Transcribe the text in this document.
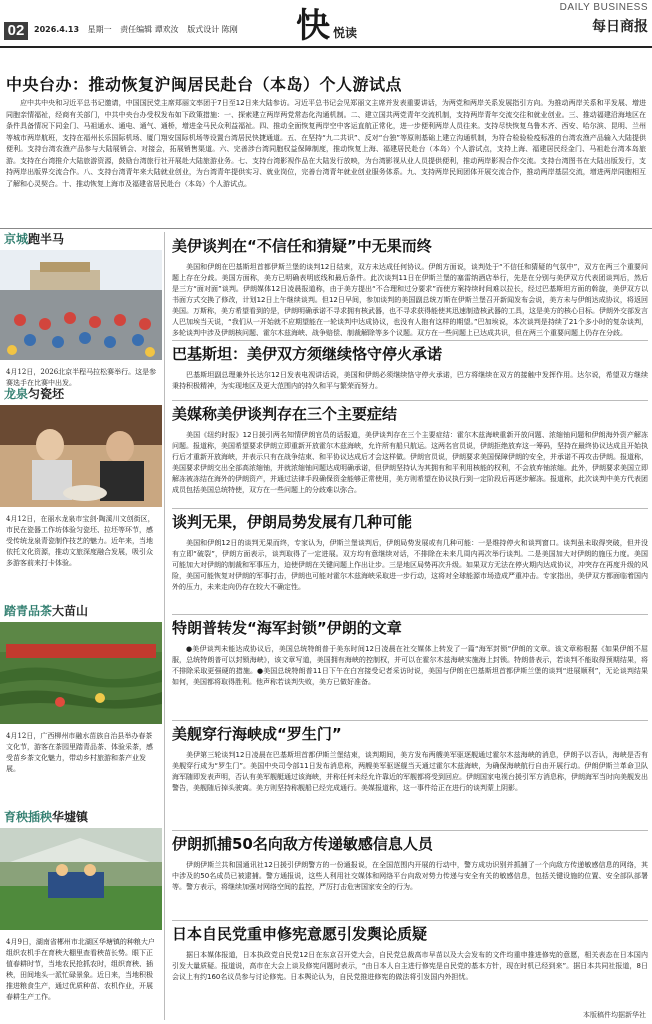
02	2026.4.13 星期一 责任编辑 谭欢汝 版式设计 陈刚 快 悦读
DAILY BUSINESS
每日商报
中央台办：推动恢复沪闽居民赴台（本岛）个人游试点
应中共中央和习近平总书记邀请，中国国民党主席郑丽文率团于7日至12日来大陆参访。习近平总书记会见郑丽文主席并发表重要讲话，为两党和两岸关系发展指引方向。为推动两岸关系和平发展、增进同胞亲情福祉，经商有关部门，中共中央台办受权发布如下政策措施：一、探索建立两岸两党常态化沟通机制。二、建立国共两党青年交流机制，支持两岸青年交流交往和就业创业。三、推动福建沿海地区在条件具备情况下同金门、马祖通水、通电、通气、通桥，增进金马民众利益福祉。四、推动全面恢复两岸空中客运直航正常化，进一步便利两岸人员往来。支持尽快恢复乌鲁木齐、西安、哈尔滨、昆明、兰州等城市两岸航班，支持在福州长乐国际机场、厦门翔安国际机场等设置台湾居民快捷通道。五、在坚持“九二共识”、反对“台独”等原则基础上建立沟通机制，为符合检验检疫标准的台湾农渔产品输入大陆提供便利。支持台湾农渔产品参与大陆展销会、对接会，拓展销售渠道。六、完善涉台湾同胞权益保障制度，推动恢复上海、福建居民赴台（本岛）个人游试点，支持上海、福建居民经金门、马祖赴台湾本岛旅游。支持在台湾推介大陆旅游资源，鼓励台湾旅行社开展赴大陆旅游业务。七、支持台湾影视作品在大陆发行放映，为台湾影视从业人员提供便利，推动两岸影视合作交流。支持台湾图书在大陆出版发行，支持两岸出版界交流合作。八、支持台湾青年来大陆就业创业，为台湾青年提供实习、就业岗位，完善台湾青年就业创业服务体系。九、支持两岸民间团体开展交流合作，推动两岸基层交流，增进两岸同胞相互了解和心灵契合。十、推动恢复上海市及福建省居民赴台（本岛）个人游试点。
京城跑半马
4月12日，2026北京半程马拉松赛举行。这是参赛选手在比赛中出发。
龙泉匀瓷坯
4月12日，在丽水龙泉市宝剑·陶溪川文创街区，市民在瓷器工作坊体验匀瓷坯、拉坯等环节，感受传统龙泉青瓷制作技艺的魅力。近年来，当地依托文化资源，推动文旅深度融合发展，吸引众多游客前来打卡体验。
踏青品茶大苗山
4月12日，广西柳州市融水苗族自治县举办春茶文化节，游客在茶园里踏青品茶、体验采茶，感受苗乡茶文化魅力，带动乡村旅游和茶产业发展。
育秧插秧华墟镇
4月9日，湖南省郴州市北湖区华塘镇的种粮大户组织农机手在育秧大棚里查看秧苗长势。眼下正值春耕时节，当地农民抢抓农时，组织育秧、插秧，田间地头一派忙碌景象。近日来，当地积极推进粮食生产，通过优质种苗、农机作业，开展春耕生产工作。
美伊谈判在“不信任和猜疑”中无果而终
美国和伊朗在巴基斯坦首都伊斯兰堡的谈判12日结束，双方未达成任何协议。伊朗方面说，谈判处于“不信任和猜疑的气氛中”，双方在两三个重要问题上存在分歧。美国方面称，美方已明确表明底线和最后条件。此次谈判11日在伊斯兰堡的塞雷纳酒店举行，先是在分别与美伊双方代表团谈判后，然后是三方“面对面”谈判。伊朗媒体12日凌晨报道称，由于美方提出“不合理和过分要求”而使方案持续时间难以拉长，经过巴基斯坦方面的斡旋，美伊双方以书面方式交换了修改，计划12日上午继续谈判。但12日早间，参加谈判的美国副总统万斯在伊斯兰堡召开新闻发布会说，美方未与伊朗达成协议，将返回美国。万斯称，美方希望看到的是，伊朗明确承诺不寻求拥有核武器，也不寻求获得能使其迅速制造核武器的工具，这是美方的核心目标。伊朗外交部发言人巴加埃当天说，“我们从一开始就不应期望能在一轮谈判中达成协议，也没有人抱有这样的期望。”巴加埃说，本次谈判是持续了21个多小时的复杂谈判，多轮谈判中涉及伊朗核问题、霍尔木兹海峡、战争赔偿、制裁解除等多个议题。双方在一些问题上已达成共识，但在两三个重要问题上仍存在分歧。
巴基斯坦：美伊双方须继续恪守停火承诺
巴基斯坦副总理兼外长达尔12日发表电视讲话说，美国和伊朗必须继续恪守停火承诺，巴方将继续在双方的接触中发挥作用。达尔说，希望双方继续秉持积极精神，为实现地区及更大范围内的持久和平与繁荣而努力。
美媒称美伊谈判存在三个主要症结
美国《纽约时报》12日援引两名知情伊朗官员的话报道，美伊谈判存在三个主要症结：霍尔木兹海峡重新开放问题、浓缩铀问题和伊朗海外资产解冻问题。报道称，美国希望要求伊朗立即重新开放霍尔木兹海峡，允许所有船只航运。这两名官员说，伊朗拒绝放弃这一筹码，坚持在最终协议达成且开始执行后才重新开放海峡，并表示只有在战争结束、和平协议达成后才会这样做。伊朗官员说，伊朗要求美国保障伊朗的安全，并承诺不再攻击伊朗。报道称，美国要求伊朗交出全部高浓缩铀，并就浓缩铀问题达成明确承诺，但伊朗坚持认为其拥有和平利用核能的权利，不会放弃铀浓缩。此外，伊朗要求美国立即解冻被冻结在海外的伊朗资产，并通过法律手段确保资金能够正常使用，美方则希望在协议执行到一定阶段后再逐步解冻。报道称，此次谈判中美方代表团成员包括美国总统特使，双方在一些问题上的分歧难以弥合。
谈判无果，伊朗局势发展有几种可能
美国和伊朗12日的谈判无果而终，专家认为，伊斯兰堡谈判后，伊朗局势发展或有几种可能：一是维持停火和谈判窗口。谈判虽未取得突破，但并没有立即“破裂”，伊朗方面表示，谈判取得了一定进展。双方均有意继续对话，不排除在未来几周内再次举行谈判。二是美国加大对伊朗的施压力度。美国可能加大对伊朗的制裁和军事压力，迫使伊朗在关键问题上作出让步。三是地区局势再次升级。如果双方无法在停火期内达成协议，冲突存在再度升级的风险，美国可能恢复对伊朗的军事打击，伊朗也可能对霍尔木兹海峡采取进一步行动，这将对全球能源市场造成严重冲击。专家指出，美伊双方都面临着国内外的压力，未来走向仍存在较大不确定性。
特朗普转发“海军封锁”伊朗的文章
●美伊谈判未能达成协议后，美国总统特朗普于美东时间12日凌晨在社交媒体上转发了一篇“海军封锁”伊朗的文章。该文章称根据《如果伊朗不屈服，总统特朗普可以封锁海峡》，该文章写道，美国拥有海峡的控制权，并可以在霍尔木兹海峡实施海上封锁。特朗普表示，若谈判不能取得预期结果，将不排除采取更强硬的措施。●美国总统特朗普11日下午在白宫接受记者采访时说，美国与伊朗在巴基斯坦首都伊斯兰堡的谈判“进展顺利”，无论谈判结果如何，美国都将取得胜利。他声称若谈判失败，美方已做好准备。
美舰穿行海峡成“罗生门”
美伊第三轮谈判12日凌晨在巴基斯坦首都伊斯兰堡结束，谈判期间，美方发布两艘美军驱逐舰通过霍尔木兹海峡的消息，伊朗予以否认，海峡是否有美舰穿行成为“罗生门”。美国中央司令部11日发布消息称，两艘美军驱逐舰当天通过霍尔木兹海峡，为确保海峡航行自由开展行动。伊朗伊斯兰革命卫队海军随即发表声明，否认有美军舰艇通过该海峡，并称任何未经允许靠近的军舰都将受到回应。伊朗国家电视台援引军方消息称，伊朗海军当时向美舰发出警告，美舰随后掉头驶离。美方则坚持称舰船已经完成通行。美媒报道称，这一事件给正在进行的谈判蒙上阴影。
伊朗抓捕50名向敌方传递敏感信息人员
伊朗伊斯兰共和国通讯社12日援引伊朗警方的一份通报说，在全国范围内开展的行动中，警方成功识别并抓捕了一个向敌方传递敏感信息的网络，其中涉及的50名成员已被逮捕。警方通报说，这些人利用社交媒体和网络平台向敌对势力传递与安全有关的敏感信息，包括关键设施的位置、安全部队部署等。警方表示，将继续加强对网络空间的监控，严厉打击危害国家安全的行为。
日本自民党重申修宪意愿引发舆论质疑
据日本媒体报道，日本执政党自民党12日在东京召开党大会，自民党总裁高市早苗以及大会发布的文件均重申推进修宪的意愿，相关表态在日本国内引发大量质疑。报道说，高市在大会上谈及修宪问题时表示，“由日本人自主进行修宪是自民党的基本方针，现在时机已经到来”。据日本共同社报道，8日会议上有约160名议员参与讨论修宪。日本舆论认为，自民党推进修宪的做法将引发国内外担忧。
本版稿件均据新华社
